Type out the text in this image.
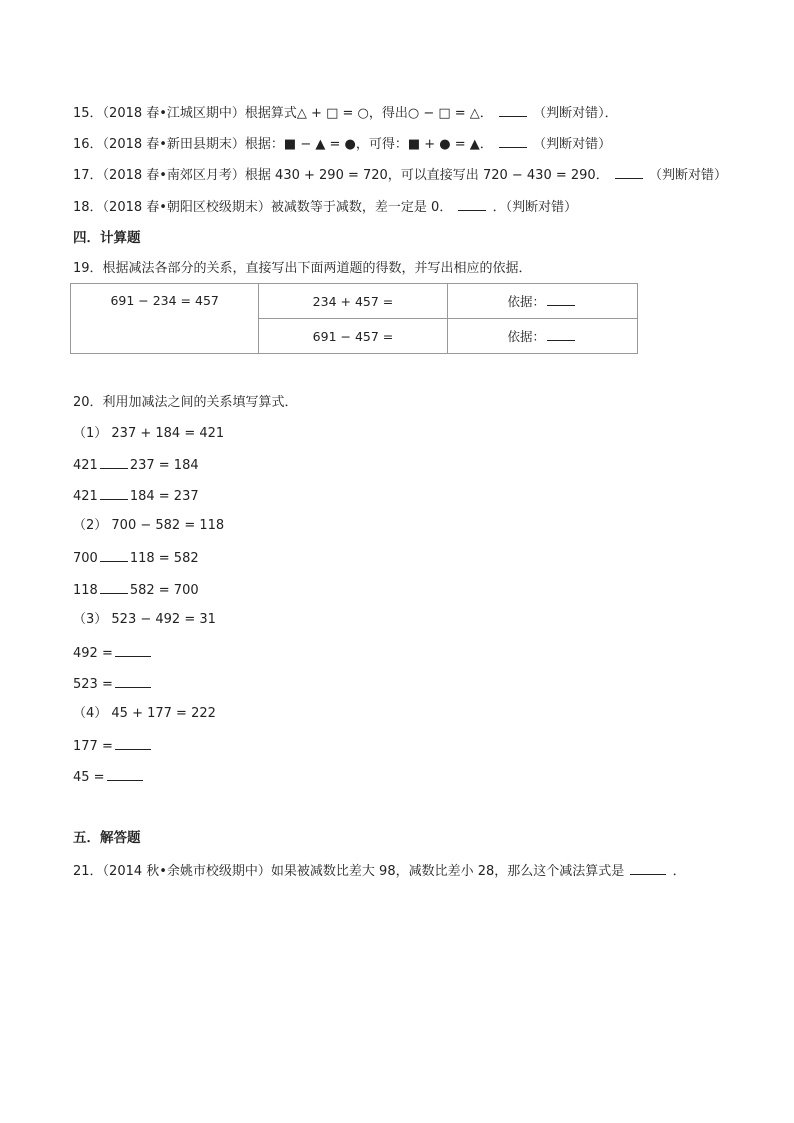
15．（2018 春•江城区期中）根据算式△ + □ = ○，得出○ − □ = △．	（判断对错）．
16．（2018 春•新田县期末）根据：■ − ▲ = ●，可得：■ + ● = ▲．	（判断对错）
17．（2018 春•南郊区月考）根据 430 + 290 = 720，可以直接写出 720 − 430 = 290．	（判断对错）
18．（2018 春•朝阳区校级期末）被减数等于减数，差一定是 0．	．（判断对错）
四．计算题
19．根据减法各部分的关系，直接写出下面两道题的得数，并写出相应的依据．
691 − 234 = 457	234 + 457 =	依据：
	691 − 457 =	依据：
20．利用加减法之间的关系填写算式．
（1） 237 + 184 = 421
421 237 = 184
421 184 = 237
（2） 700 − 582 = 118
700 118 = 582
118 582 = 700
（3） 523 − 492 = 31
492 =
523 =
（4） 45 + 177 = 222
177 =
45 =
五．解答题
21．（2014 秋•余姚市校级期中）如果被减数比差大 98，减数比差小 28，那么这个减法算式是	．
